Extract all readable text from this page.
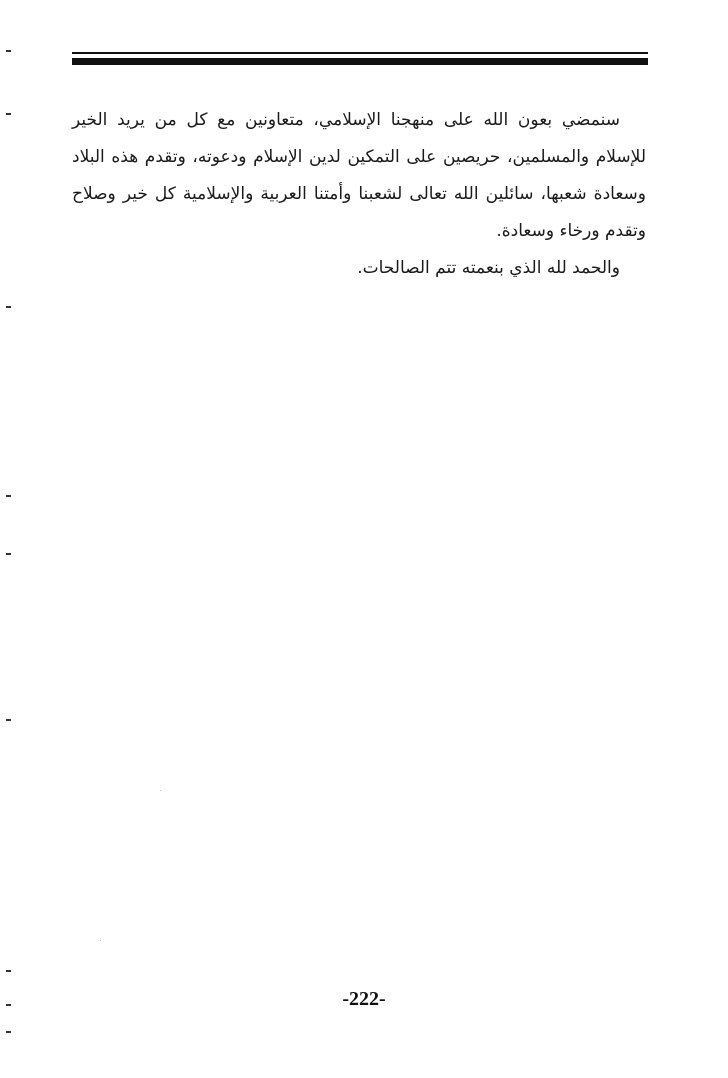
سنمضي بعون الله على منهجنا الإسلامي، متعاونين مع كل من يريد الخير للإسلام والمسلمين، حريصين على التمكين لدين الإسلام ودعوته، وتقدم هذه البلاد وسعادة شعبها، سائلين الله تعالى لشعبنا وأمتنا العربية والإسلامية كل خير وصلاح وتقدم ورخاء وسعادة.

والحمد لله الذي بنعمته تتم الصالحات.

-222-
